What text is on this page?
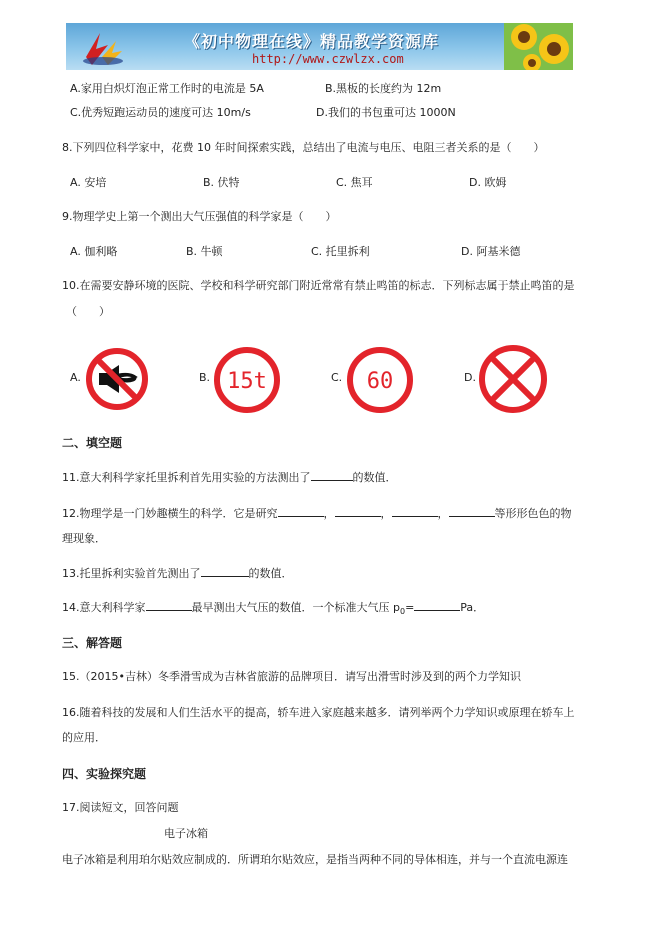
《初中物理在线》精品教学资源库
http://www.czwlzx.com
A.家用白炽灯泡正常工作时的电流是 5A	B.黑板的长度约为 12m
C.优秀短跑运动员的速度可达 10m/s	D.我们的书包重可达 1000N
8.下列四位科学家中，花费 10 年时间探索实践，总结出了电流与电压、电阻三者关系的是（　　）
A. 安培	B. 伏特	C. 焦耳	D. 欧姆
9.物理学史上第一个测出大气压强值的科学家是（　　）
A. 伽利略	B. 牛顿	C. 托里拆利	D. 阿基米德
10.在需要安静环境的医院、学校和科学研究部门附近常常有禁止鸣笛的标志．下列标志属于禁止鸣笛的是
（　　）
A.	B. 15t	C. 60	D.
二、填空题
11.意大利科学家托里拆利首先用实验的方法测出了	的数值．
12.物理学是一门妙趣横生的科学．它是研究	，	，	，	等形形色色的物
理现象．
13.托里拆利实验首先测出了	的数值．
14.意大利科学家	最早测出大气压的数值．一个标准大气压 $p_0=$	Pa．
三、解答题
15.（2015•吉林）冬季滑雪成为吉林省旅游的品牌项目．请写出滑雪时涉及到的两个力学知识
16.随着科技的发展和人们生活水平的提高，轿车进入家庭越来越多．请列举两个力学知识或原理在轿车上
的应用．
四、实验探究题
17.阅读短文，回答问题
电子冰箱
电子冰箱是利用珀尔贴效应制成的．所谓珀尔贴效应，是指当两种不同的导体相连，并与一个直流电源连
